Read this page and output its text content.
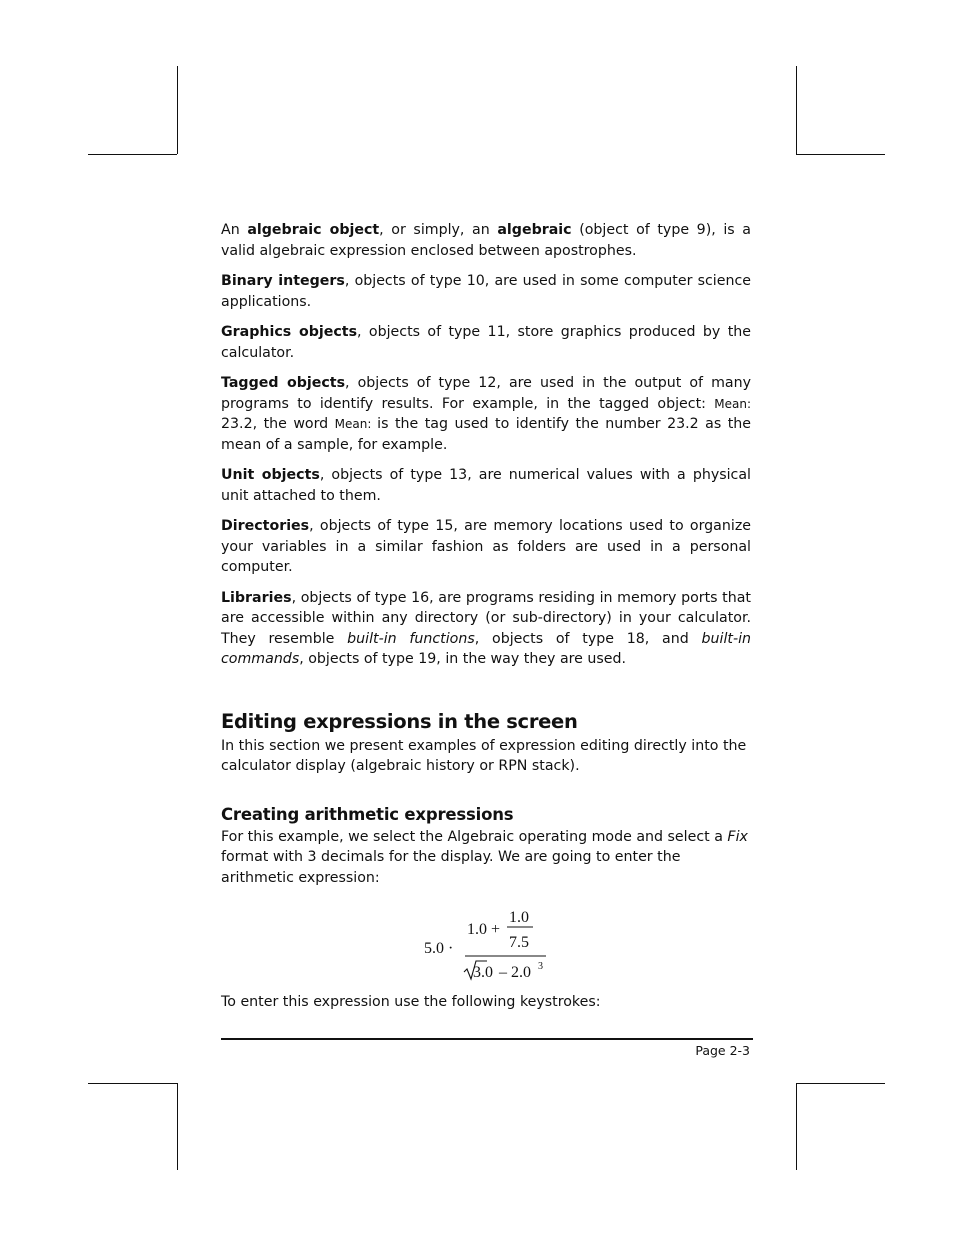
An algebraic object, or simply, an algebraic (object of type 9), is a valid algebraic expression enclosed between apostrophes.

Binary integers, objects of type 10, are used in some computer science applications.

Graphics objects, objects of type 11, store graphics produced by the calculator.

Tagged objects, objects of type 12, are used in the output of many programs to identify results. For example, in the tagged object: Mean: 23.2, the word Mean: is the tag used to identify the number 23.2 as the mean of a sample, for example.

Unit objects, objects of type 13, are numerical values with a physical unit attached to them.

Directories, objects of type 15, are memory locations used to organize your variables in a similar fashion as folders are used in a personal computer.

Libraries, objects of type 16, are programs residing in memory ports that are accessible within any directory (or sub-directory) in your calculator. They resemble built-in functions, objects of type 18, and built-in commands, objects of type 19, in the way they are used.

Editing expressions in the screen

In this section we present examples of expression editing directly into the calculator display (algebraic history or RPN stack).

Creating arithmetic expressions

For this example, we select the Algebraic operating mode and select a Fix format with 3 decimals for the display. We are going to enter the arithmetic expression:

5.0 ·
1.0 +
1.0
7.5
3.0 – 2.0 3

To enter this expression use the following keystrokes:

Page 2-3
